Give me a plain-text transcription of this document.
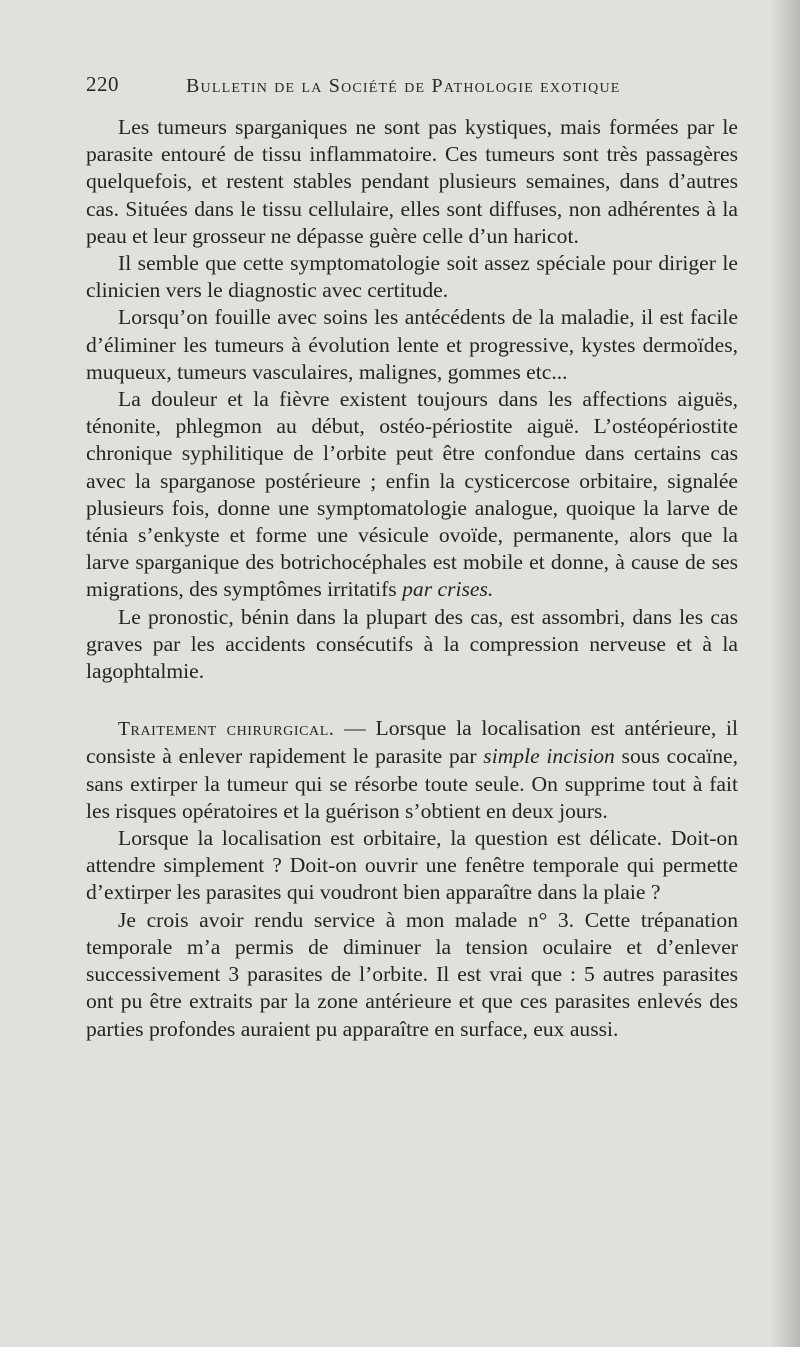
220	Bulletin de la Société de Pathologie exotique

Les tumeurs sparganiques ne sont pas kystiques, mais formées par le parasite entouré de tissu inflammatoire. Ces tumeurs sont très passagères quelquefois, et restent stables pendant plusieurs semaines, dans d’autres cas. Situées dans le tissu cellulaire, elles sont diffuses, non adhérentes à la peau et leur grosseur ne dépasse guère celle d’un haricot.

Il semble que cette symptomatologie soit assez spéciale pour diriger le clinicien vers le diagnostic avec certitude.

Lorsqu’on fouille avec soins les antécédents de la maladie, il est facile d’éliminer les tumeurs à évolution lente et progressive, kystes dermoïdes, muqueux, tumeurs vasculaires, malignes, gommes etc...

La douleur et la fièvre existent toujours dans les affections aiguës, ténonite, phlegmon au début, ostéo-périostite aiguë. L’ostéopériostite chronique syphilitique de l’orbite peut être confondue dans certains cas avec la sparganose postérieure ; enfin la cysticercose orbitaire, signalée plusieurs fois, donne une symptomatologie analogue, quoique la larve de ténia s’enkyste et forme une vésicule ovoïde, permanente, alors que la larve sparganique des botrichocéphales est mobile et donne, à cause de ses migrations, des symptômes irritatifs par crises.

Le pronostic, bénin dans la plupart des cas, est assombri, dans les cas graves par les accidents consécutifs à la compression nerveuse et à la lagophtalmie.

Traitement chirurgical. — Lorsque la localisation est antérieure, il consiste à enlever rapidement le parasite par simple incision sous cocaïne, sans extirper la tumeur qui se résorbe toute seule. On supprime tout à fait les risques opératoires et la guérison s’obtient en deux jours.

Lorsque la localisation est orbitaire, la question est délicate. Doit-on attendre simplement ? Doit-on ouvrir une fenêtre temporale qui permette d’extirper les parasites qui voudront bien apparaître dans la plaie ?

Je crois avoir rendu service à mon malade n° 3. Cette trépanation temporale m’a permis de diminuer la tension oculaire et d’enlever successivement 3 parasites de l’orbite. Il est vrai que : 5 autres parasites ont pu être extraits par la zone antérieure et que ces parasites enlevés des parties profondes auraient pu apparaître en surface, eux aussi.
